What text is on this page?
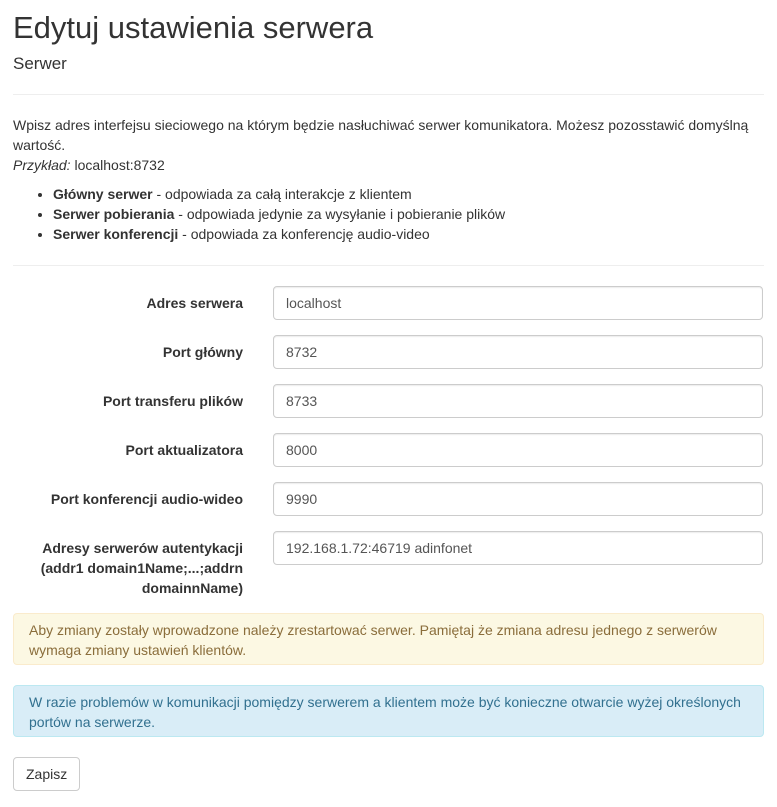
Edytuj ustawienia serwera
Serwer

Wpisz adres interfejsu sieciowego na którym będzie nasłuchiwać serwer komunikatora. Możesz pozosstawić domyślną wartość.

Przykład: localhost:8732

• Główny serwer - odpowiada za całą interakcje z klientem
• Serwer pobierania - odpowiada jedynie za wysyłanie i pobieranie plików
• Serwer konferencji - odpowiada za konferencję audio-video
Adres serwera
localhost
Port główny
8732
Port transferu plików
8733
Port aktualizatora
8000
Port konferencji audio-wideo
9990
Adresy serwerów autentykacji
(addr1 domain1Name;...;addrn
domainnName)
192.168.1.72:46719 adinfonet
Aby zmiany zostały wprowadzone należy zrestartować serwer. Pamiętaj że zmiana adresu jednego z serwerów wymaga zmiany ustawień klientów.
W razie problemów w komunikacji pomiędzy serwerem a klientem może być konieczne otwarcie wyżej określonych portów na serwerze.
Zapisz
